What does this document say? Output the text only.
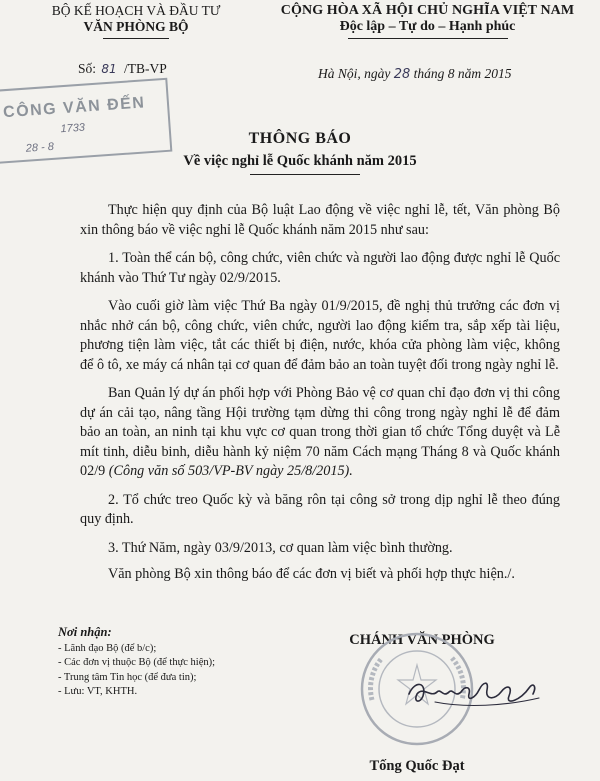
BỘ KẾ HOẠCH VÀ ĐẦU TƯ
VĂN PHÒNG BỘ
CỘNG HÒA XÃ HỘI CHỦ NGHĨA VIỆT NAM
Độc lập – Tự do – Hạnh phúc
Số: 81 /TB-VP	Hà Nội, ngày 28 tháng 8 năm 2015
CÔNG VĂN ĐẾN
1733
28 - 8
THÔNG BÁO
Về việc nghỉ lễ Quốc khánh năm 2015

Thực hiện quy định của Bộ luật Lao động về việc nghỉ lễ, tết, Văn phòng Bộ xin thông báo về việc nghỉ lễ Quốc khánh năm 2015 như sau:

1. Toàn thể cán bộ, công chức, viên chức và người lao động được nghỉ lễ Quốc khánh vào Thứ Tư ngày 02/9/2015.

Vào cuối giờ làm việc Thứ Ba ngày 01/9/2015, đề nghị thủ trưởng các đơn vị nhắc nhở cán bộ, công chức, viên chức, người lao động kiểm tra, sắp xếp tài liệu, phương tiện làm việc, tắt các thiết bị điện, nước, khóa cửa phòng làm việc, không để ô tô, xe máy cá nhân tại cơ quan để đảm bảo an toàn tuyệt đối trong ngày nghỉ lễ.

Ban Quản lý dự án phối hợp với Phòng Bảo vệ cơ quan chỉ đạo đơn vị thi công dự án cải tạo, nâng tầng Hội trường tạm dừng thi công trong ngày nghỉ lễ để đảm bảo an toàn, an ninh tại khu vực cơ quan trong thời gian tổ chức Tổng duyệt và Lễ mít tinh, diễu binh, diễu hành kỷ niệm 70 năm Cách mạng Tháng 8 và Quốc khánh 02/9 (Công văn số 503/VP-BV ngày 25/8/2015).

2. Tổ chức treo Quốc kỳ và băng rôn tại công sở trong dịp nghỉ lễ theo đúng quy định.

3. Thứ Năm, ngày 03/9/2013, cơ quan làm việc bình thường.

Văn phòng Bộ xin thông báo để các đơn vị biết và phối hợp thực hiện./.

Nơi nhận:
- Lãnh đạo Bộ (để b/c);
- Các đơn vị thuộc Bộ (để thực hiện);
- Trung tâm Tin học (để đưa tin);
- Lưu: VT, KHTH.
CHÁNH VĂN PHÒNG
Tống Quốc Đạt
